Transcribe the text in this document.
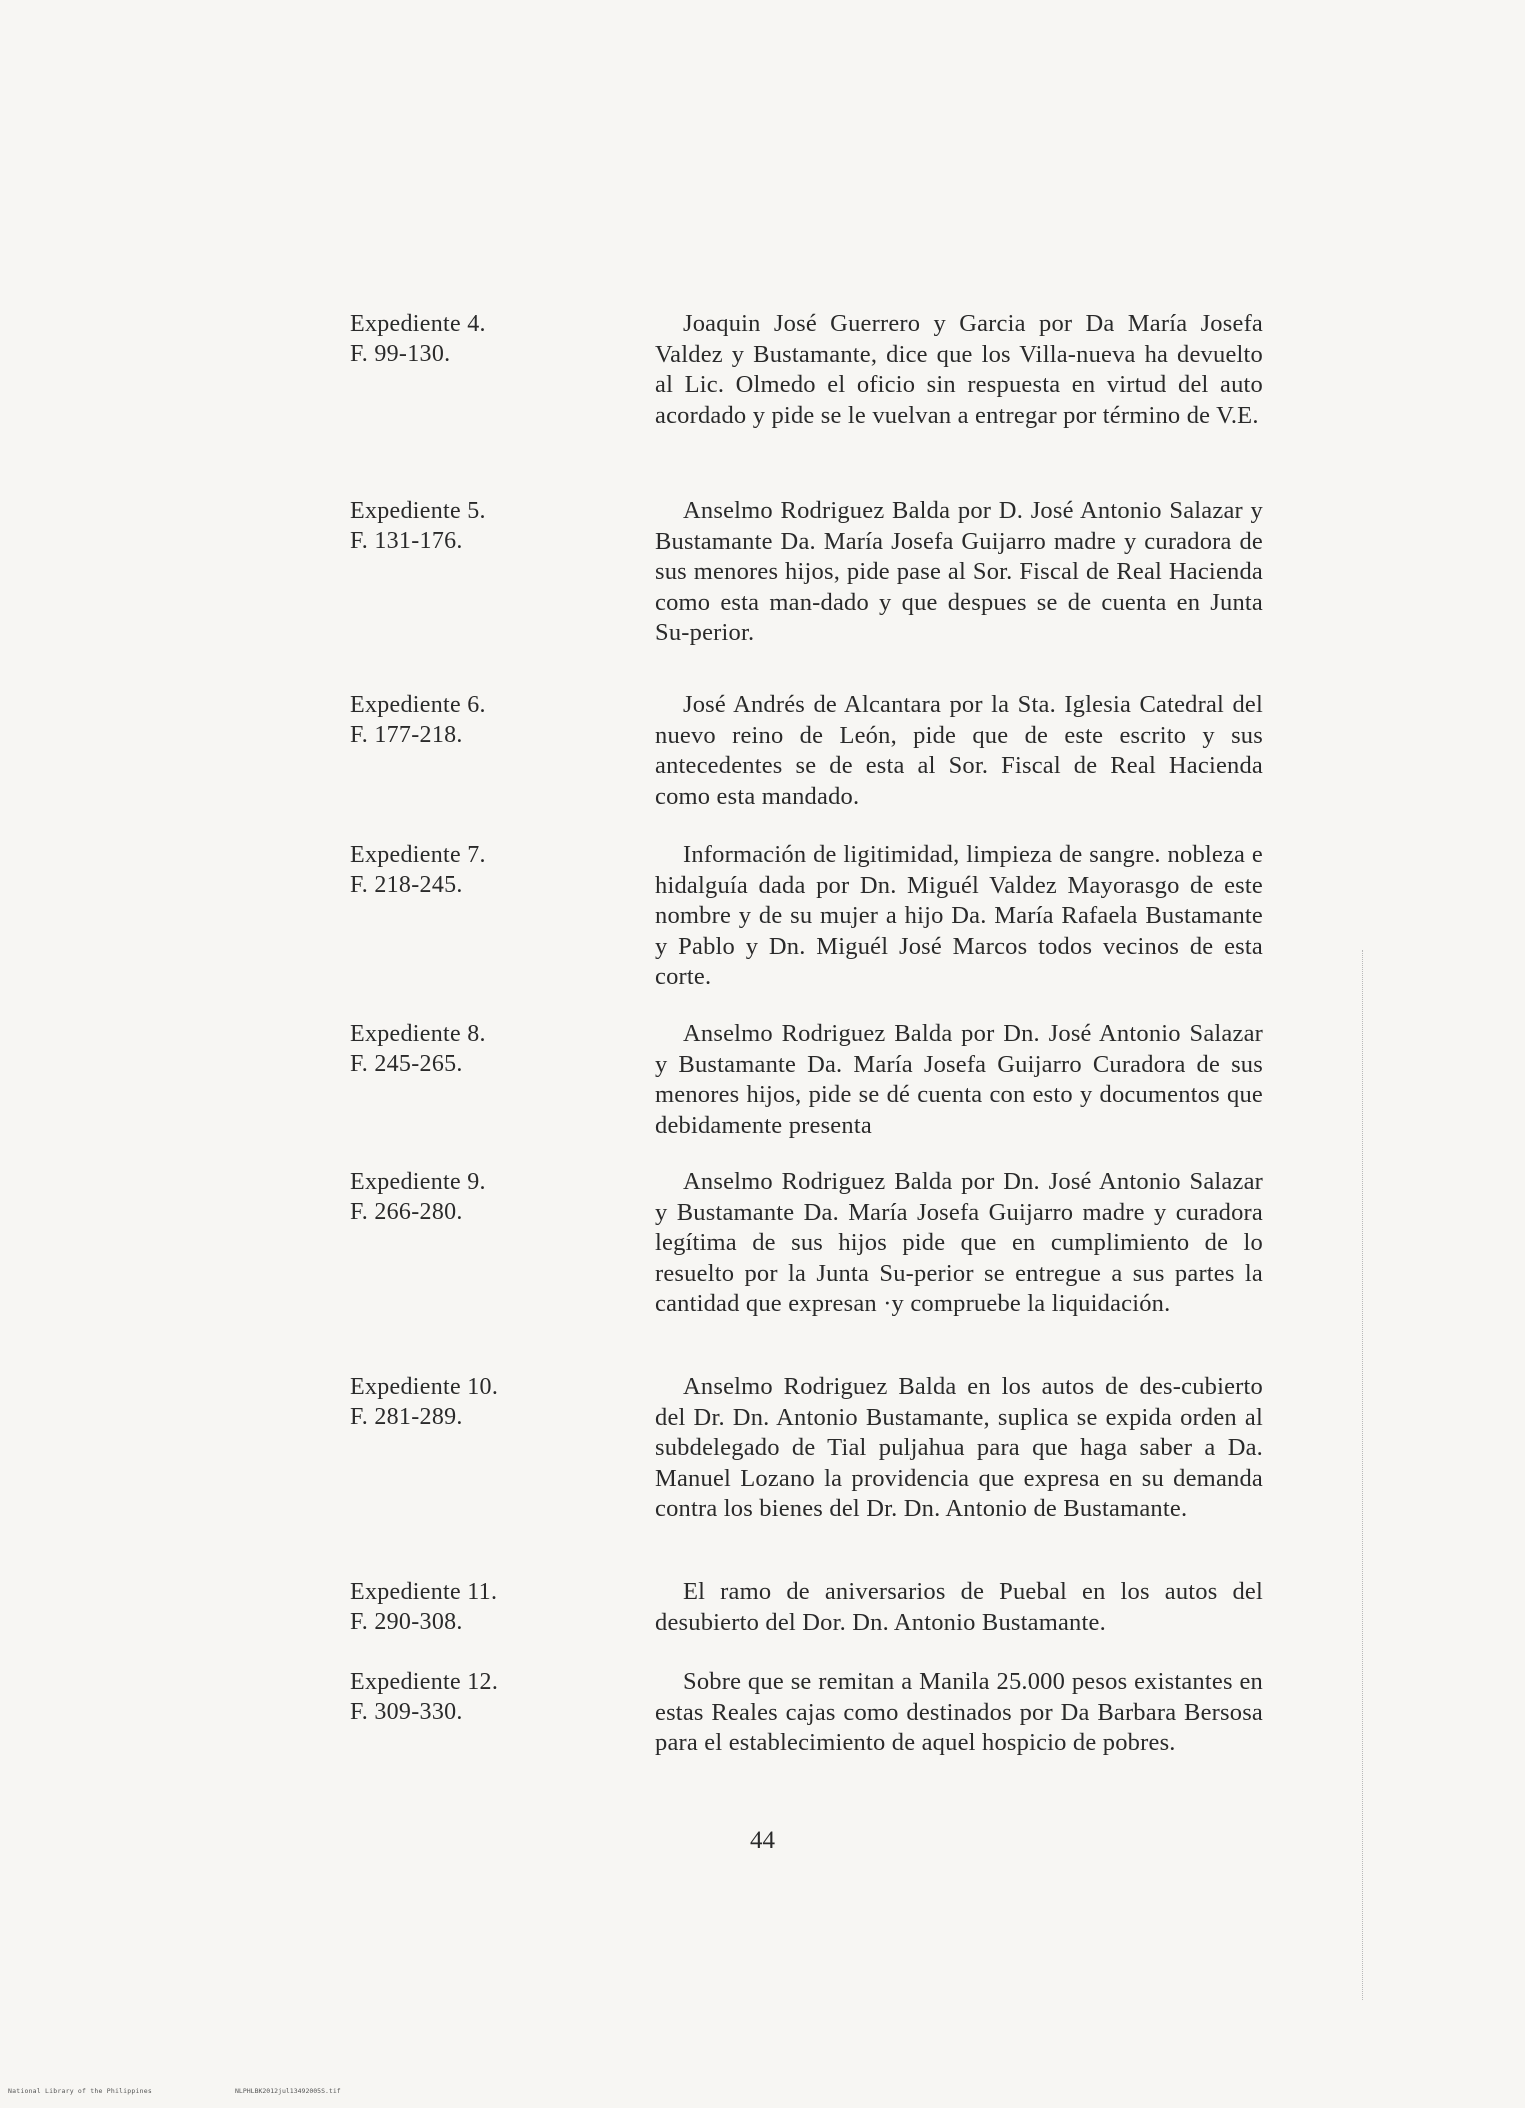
Expediente 4.
F. 99-130.

Joaquin José Guerrero y Garcia por Da María Josefa Valdez y Bustamante, dice que los Villa-nueva ha devuelto al Lic. Olmedo el oficio sin respuesta en virtud del auto acordado y pide se le vuelvan a entregar por término de V.E.

Expediente 5.
F. 131-176.

Anselmo Rodriguez Balda por D. José Antonio Salazar y Bustamante Da. María Josefa Guijarro madre y curadora de sus menores hijos, pide pase al Sor. Fiscal de Real Hacienda como esta man-dado y que despues se de cuenta en Junta Su-perior.

Expediente 6.
F. 177-218.

José Andrés de Alcantara por la Sta. Iglesia Catedral del nuevo reino de León, pide que de este escrito y sus antecedentes se de esta al Sor. Fiscal de Real Hacienda como esta mandado.

Expediente 7.
F. 218-245.

Información de ligitimidad, limpieza de sangre. nobleza e hidalguía dada por Dn. Miguél Valdez Mayorasgo de este nombre y de su mujer a hijo Da. María Rafaela Bustamante y Pablo y Dn. Miguél José Marcos todos vecinos de esta corte.

Expediente 8.
F. 245-265.

Anselmo Rodriguez Balda por Dn. José Antonio Salazar y Bustamante Da. María Josefa Guijarro Curadora de sus menores hijos, pide se dé cuenta con esto y documentos que debidamente presenta

Expediente 9.
F. 266-280.

Anselmo Rodriguez Balda por Dn. José Antonio Salazar y Bustamante Da. María Josefa Guijarro madre y curadora legítima de sus hijos pide que en cumplimiento de lo resuelto por la Junta Su-perior se entregue a sus partes la cantidad que expresan ·y compruebe la liquidación.

Expediente 10.
F. 281-289.

Anselmo Rodriguez Balda en los autos de des-cubierto del Dr. Dn. Antonio Bustamante, suplica se expida orden al subdelegado de Tial puljahua para que haga saber a Da. Manuel Lozano la providencia que expresa en su demanda contra los bienes del Dr. Dn. Antonio de Bustamante.

Expediente 11.
F. 290-308.

El ramo de aniversarios de Puebal en los autos del desubierto del Dor. Dn. Antonio Bustamante.

Expediente 12.
F. 309-330.

Sobre que se remitan a Manila 25.000 pesos existantes en estas Reales cajas como destinados por Da Barbara Bersosa para el establecimiento de aquel hospicio de pobres.

44
National Library of the Philippines	NLPHLBK2012jul13492005S.tif
